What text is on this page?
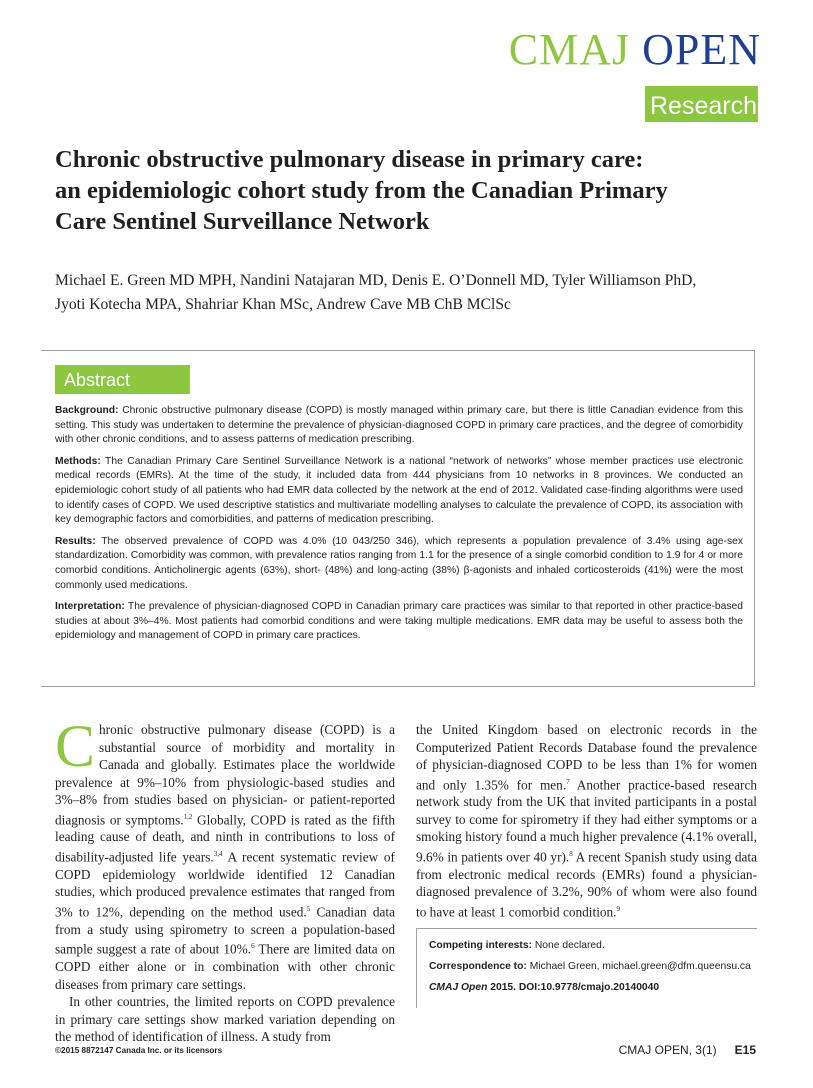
CMAJ OPEN
Research
Chronic obstructive pulmonary disease in primary care:
an epidemiologic cohort study from the Canadian Primary
Care Sentinel Surveillance Network

Michael E. Green MD MPH, Nandini Natajaran MD, Denis E. O’Donnell MD, Tyler Williamson PhD,
Jyoti Kotecha MPA, Shahriar Khan MSc, Andrew Cave MB ChB MClSc

Abstract

Background: Chronic obstructive pulmonary disease (COPD) is mostly managed within primary care, but there is little Canadian evidence from this setting. This study was undertaken to determine the prevalence of physician-diagnosed COPD in primary care practices, and the degree of comorbidity with other chronic conditions, and to assess patterns of medication prescribing.

Methods: The Canadian Primary Care Sentinel Surveillance Network is a national “network of networks” whose member practices use electronic medical records (EMRs). At the time of the study, it included data from 444 physicians from 10 networks in 8 provinces. We conducted an epidemiologic cohort study of all patients who had EMR data collected by the network at the end of 2012. Validated case-finding algorithms were used to identify cases of COPD. We used descriptive statistics and multivariate modelling analyses to calculate the prevalence of COPD, its association with key demographic factors and comorbidities, and patterns of medication prescribing.

Results: The observed prevalence of COPD was 4.0% (10 043/250 346), which represents a population prevalence of 3.4% using age-sex standardization. Comorbidity was common, with prevalence ratios ranging from 1.1 for the presence of a single comorbid condition to 1.9 for 4 or more comorbid conditions. Anticholinergic agents (63%), short- (48%) and long-acting (38%) β-agonists and inhaled corticosteroids (41%) were the most commonly used medications.

Interpretation: The prevalence of physician-diagnosed COPD in Canadian primary care practices was similar to that reported in other practice-based studies at about 3%–4%. Most patients had comorbid conditions and were taking multiple medications. EMR data may be useful to assess both the epidemiology and management of COPD in primary care practices.

Chronic obstructive pulmonary disease (COPD) is a substantial source of morbidity and mortality in Canada and globally. Estimates place the worldwide prevalence at 9%–10% from physiologic-based studies and 3%–8% from studies based on physician- or patient-reported diagnosis or symptoms.$^{1,2}$ Globally, COPD is rated as the fifth leading cause of death, and ninth in contributions to loss of disability-adjusted life years.$^{3,4}$ A recent systematic review of COPD epidemiology worldwide identified 12 Canadian studies, which produced prevalence estimates that ranged from 3% to 12%, depending on the method used.$^5$ Canadian data from a study using spirometry to screen a population-based sample suggest a rate of about 10%.$^6$ There are limited data on COPD either alone or in combination with other chronic diseases from primary care settings.

In other countries, the limited reports on COPD prevalence in primary care settings show marked variation depending on the method of identification of illness. A study from

the United Kingdom based on electronic records in the Computerized Patient Records Database found the prevalence of physician-diagnosed COPD to be less than 1% for women and only 1.35% for men.$^7$ Another practice-based research network study from the UK that invited participants in a postal survey to come for spirometry if they had either symptoms or a smoking history found a much higher prevalence (4.1% overall, 9.6% in patients over 40 yr).$^8$ A recent Spanish study using data from electronic medical records (EMRs) found a physician-diagnosed prevalence of 3.2%, 90% of whom were also found to have at least 1 comorbid condition.$^9$

Competing interests: None declared.

Correspondence to: Michael Green, michael.green@dfm.queensu.ca

CMAJ Open 2015. DOI:10.9778/cmajo.20140040

©2015 8872147 Canada Inc. or its licensors	CMAJ OPEN, 3(1) E15
